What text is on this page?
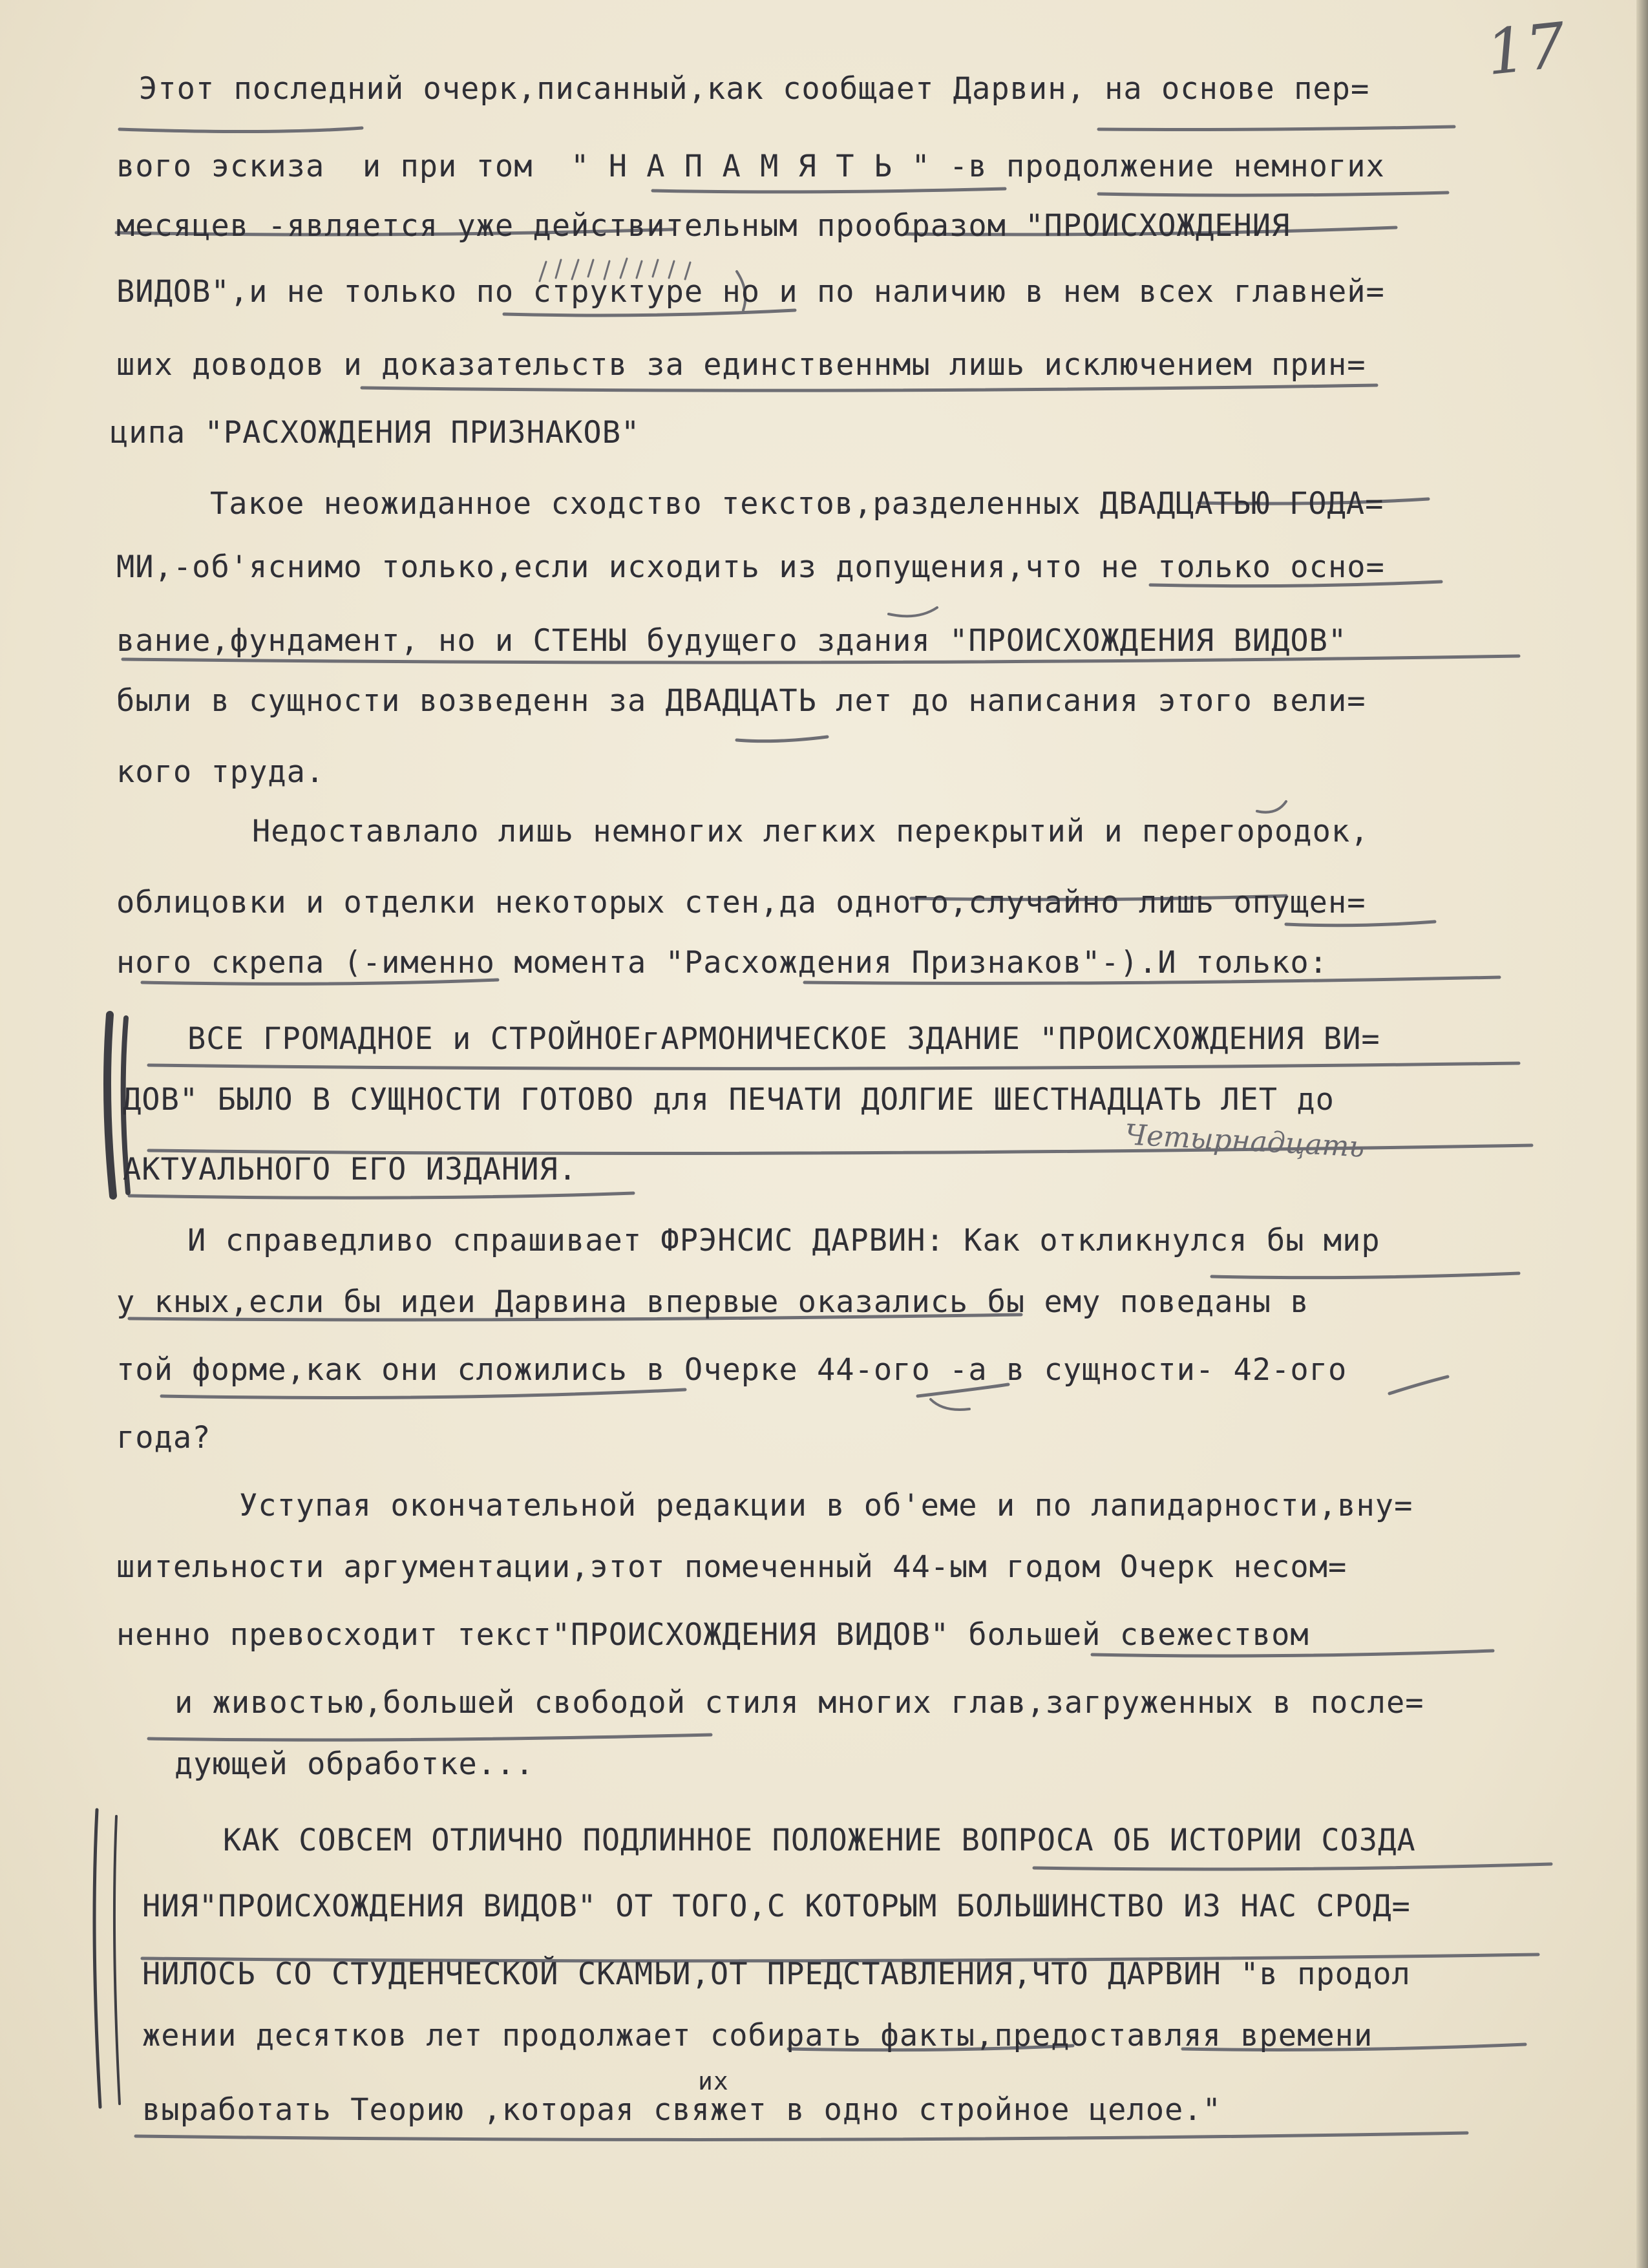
17
Этот последний очерк,писанный,как сообщает Дарвин, на основе пер=
вого эскиза  и при том  " Н А П А М Я Т Ь " -в продолжение немногих
месяцев -является уже действительным прообразом "ПРОИСХОЖДЕНИЯ
ВИДОВ",и не только по структуре но и по наличию в нем всех главней=
ших доводов и доказательств за единственнмы лишь исключением прин=
ципа "РАСХОЖДЕНИЯ ПРИЗНАКОВ"
Такое неожиданное сходство текстов,разделенных ДВАДЦАТЬЮ ГОДА=
МИ,-об'яснимо только,если исходить из допущения,что не только осно=
вание,фундамент, но и СТЕНЫ будущего здания "ПРОИСХОЖДЕНИЯ ВИДОВ"
были в сущности возведенн за ДВАДЦАТЬ лет до написания этого вели=
кого труда.
Недоставлало лишь немногих легких перекрытий и перегородок,
облицовки и отделки некоторых стен,да одного,случайно лишь опущен=
ного скрепа (-именно момента "Расхождения Признаков"-).И только:
ВСЕ ГРОМАДНОЕ и СТРОЙНОЕгАРМОНИЧЕСКОЕ ЗДАНИЕ "ПРОИСХОЖДЕНИЯ ВИ=
ДОВ" БЫЛО В СУЩНОСТИ ГОТОВО для ПЕЧАТИ ДОЛГИЕ ШЕСТНАДЦАТЬ ЛЕТ до
АКТУАЛЬНОГО ЕГО ИЗДАНИЯ.
И справедливо спрашивает ФРЭНСИС ДАРВИН: Как откликнулся бы мир
у кных,если бы идеи Дарвина впервые оказались бы ему поведаны в
той форме,как они сложились в Очерке 44-ого -а в сущности- 42-ого
года?
Уступая окончательной редакции в об'еме и по лапидарности,вну=
шительности аргументации,этот помеченный 44-ым годом Очерк несом=
ненно превосходит текст"ПРОИСХОЖДЕНИЯ ВИДОВ" большей свежеством
и живостью,большей свободой стиля многих глав,загруженных в после=
дующей обработке...
КАК СОВСЕМ ОТЛИЧНО ПОДЛИННОЕ ПОЛОЖЕНИЕ ВОПРОСА ОБ ИСТОРИИ СОЗДА
НИЯ"ПРОИСХОЖДЕНИЯ ВИДОВ" ОТ ТОГО,С КОТОРЫМ БОЛЬШИНСТВО ИЗ НАС СРОД=
НИЛОСЬ СО СТУДЕНЧЕСКОЙ СКАМЬИ,ОТ ПРЕДСТАВЛЕНИЯ,ЧТО ДАРВИН "в продол
жении десятков лет продолжает собирать факты,предоставляя времени
выработать Теорию ,которая свяжет в одно стройное целое."
их
Четырнадцать
